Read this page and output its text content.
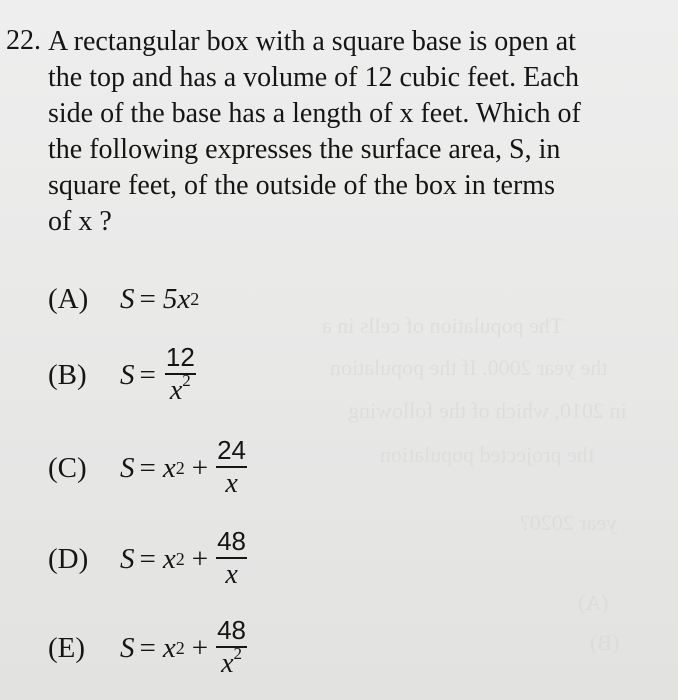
The population of cells in a
the year 2000. If the population
in 2010, which of the following
the projected population
year 2020?
(A)
(B)
22. A rectangular box with a square base is open at
the top and has a volume of 12 cubic feet. Each
side of the base has a length of x feet. Which of
the following expresses the surface area, S, in
square feet, of the outside of the box in terms
of x ?
(A)	S = 5x 2
(B)	$S = \frac{12}{x^2}$
(C)	S = x $2 + \frac{24}{x}$
(D)	S = x $2 + \frac{48}{x}$
(E)	S = x $2 + \frac{48}{x^2}$
